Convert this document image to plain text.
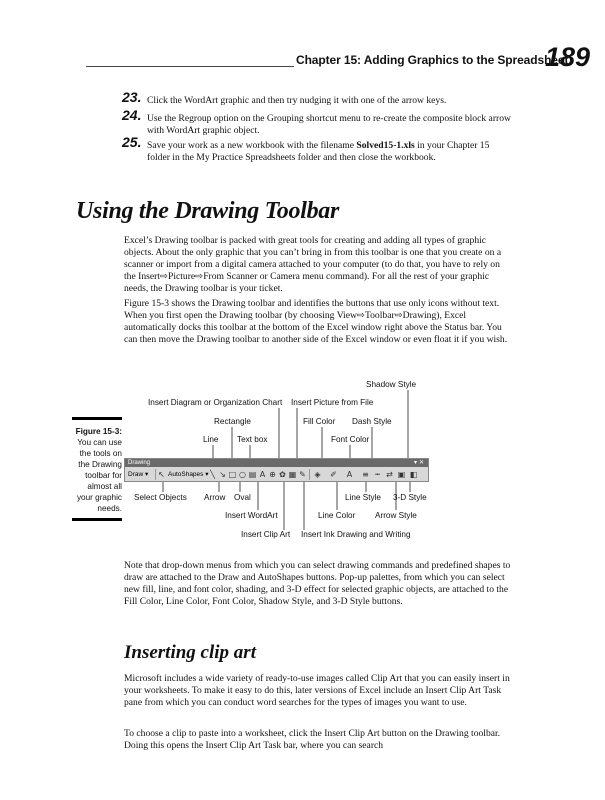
Chapter 15: Adding Graphics to the Spreadsheet
189
23. Click the WordArt graphic and then try nudging it with one of the arrow keys.
24. Use the Regroup option on the Grouping shortcut menu to re-create the composite block arrow with WordArt graphic object.
25. Save your work as a new workbook with the filename Solved15-1.xls in your Chapter 15 folder in the My Practice Spreadsheets folder and then close the workbook.
Using the Drawing Toolbar

Excel’s Drawing toolbar is packed with great tools for creating and adding all types of graphic objects. About the only graphic that you can’t bring in from this toolbar is one that you create on a scanner or import from a digital camera attached to your computer (to do that, you have to rely on the Insert⇨Picture⇨From Scanner or Camera menu command). For all the rest of your graphic needs, the Drawing toolbar is your ticket.

Figure 15-3 shows the Drawing toolbar and identifies the buttons that use only icons without text. When you first open the Drawing toolbar (by choosing View⇨Toolbar⇨Drawing), Excel automatically docks this toolbar at the bottom of the Excel window right above the Status bar. You can then move the Drawing toolbar to another side of the Excel window or even float it if you wish.

Figure 15-3:
You can use the tools on the Drawing toolbar for almost all your graphic needs.
Shadow Style
Insert Diagram or Organization Chart Insert Picture from File
Rectangle	Fill Color Dash Style
Line Text box	Font Color
Drawing	▾ ✕
Draw ▾ ↖ AutoShapes ▾ ╲ ↘ □ ○ ▤ A ⊕ ✿ ▦ ✎ ◈ ✐ A ≡ ┅ ⇄ ▣ ◧
Select Objects Arrow Oval	Line Style 3-D Style
Insert WordArt	Line Color Arrow Style
Insert Clip Art Insert Ink Drawing and Writing

Note that drop-down menus from which you can select drawing commands and predefined shapes to draw are attached to the Draw and AutoShapes buttons. Pop-up palettes, from which you can select new fill, line, and font color, shading, and 3-D effect for selected graphic objects, are attached to the Fill Color, Line Color, Font Color, Shadow Style, and 3-D Style buttons.

Inserting clip art

Microsoft includes a wide variety of ready-to-use images called Clip Art that you can easily insert in your worksheets. To make it easy to do this, later versions of Excel include an Insert Clip Art Task pane from which you can conduct word searches for the types of images you want to use.

To choose a clip to paste into a worksheet, click the Insert Clip Art button on the Drawing toolbar. Doing this opens the Insert Clip Art Task bar, where you can search
